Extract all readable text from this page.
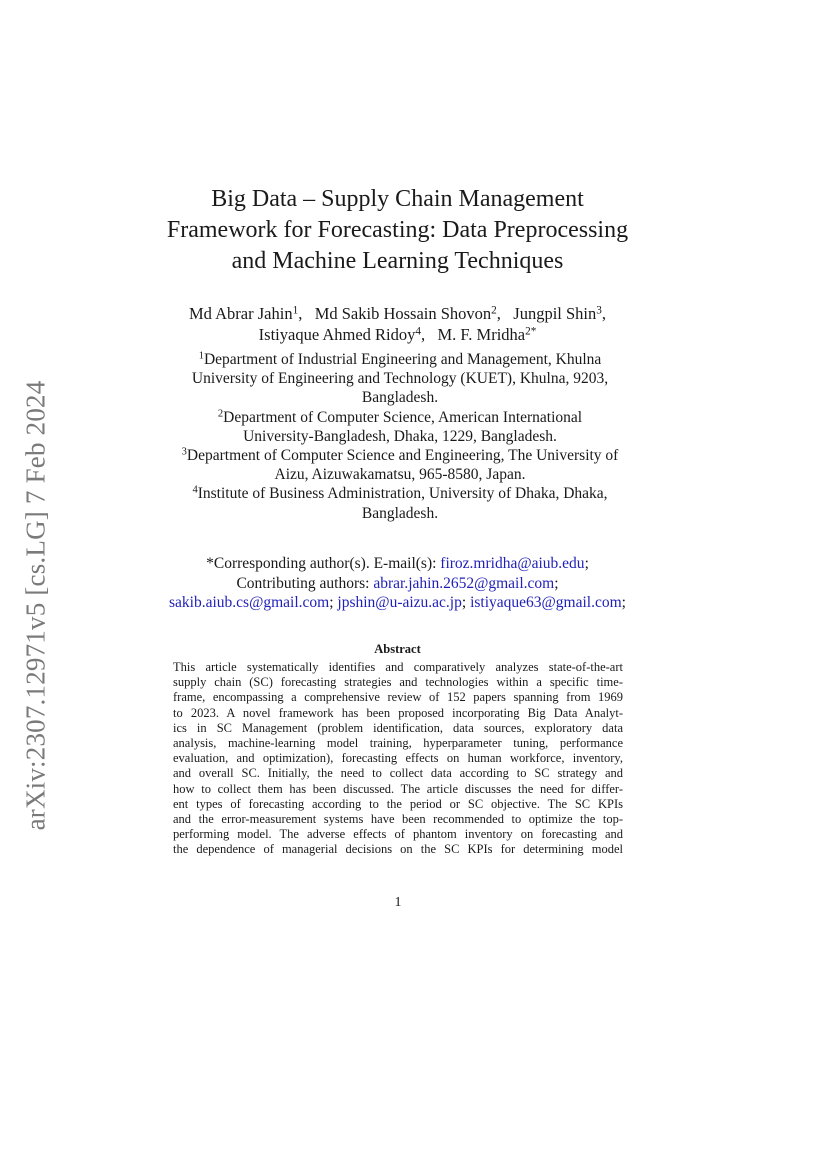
arXiv:2307.12971v5 [cs.LG] 7 Feb 2024
Big Data – Supply Chain Management
Framework for Forecasting: Data Preprocessing
and Machine Learning Techniques
Md Abrar Jahin$^1$,   Md Sakib Hossain Shovon$^2$,   Jungpil Shin$^3$,
Istiyaque Ahmed Ridoy$^4$,   M. F. Mridha$^{2*}$
$^1$Department of Industrial Engineering and Management, Khulna
University of Engineering and Technology (KUET), Khulna, 9203,
Bangladesh.
$^2$Department of Computer Science, American International
University-Bangladesh, Dhaka, 1229, Bangladesh.
$^3$Department of Computer Science and Engineering, The University of
Aizu, Aizuwakamatsu, 965-8580, Japan.
$^4$Institute of Business Administration, University of Dhaka, Dhaka,
Bangladesh.
*Corresponding author(s). E-mail(s): firoz.mridha@aiub.edu;
Contributing authors: abrar.jahin.2652@gmail.com;
sakib.aiub.cs@gmail.com; jpshin@u-aizu.ac.jp; istiyaque63@gmail.com;
Abstract
This article systematically identifies and comparatively analyzes state-of-the-art
supply chain (SC) forecasting strategies and technologies within a specific time-
frame, encompassing a comprehensive review of 152 papers spanning from 1969
to 2023. A novel framework has been proposed incorporating Big Data Analyt-
ics in SC Management (problem identification, data sources, exploratory data
analysis, machine-learning model training, hyperparameter tuning, performance
evaluation, and optimization), forecasting effects on human workforce, inventory,
and overall SC. Initially, the need to collect data according to SC strategy and
how to collect them has been discussed. The article discusses the need for differ-
ent types of forecasting according to the period or SC objective. The SC KPIs
and the error-measurement systems have been recommended to optimize the top-
performing model. The adverse effects of phantom inventory on forecasting and
the dependence of managerial decisions on the SC KPIs for determining model
1
